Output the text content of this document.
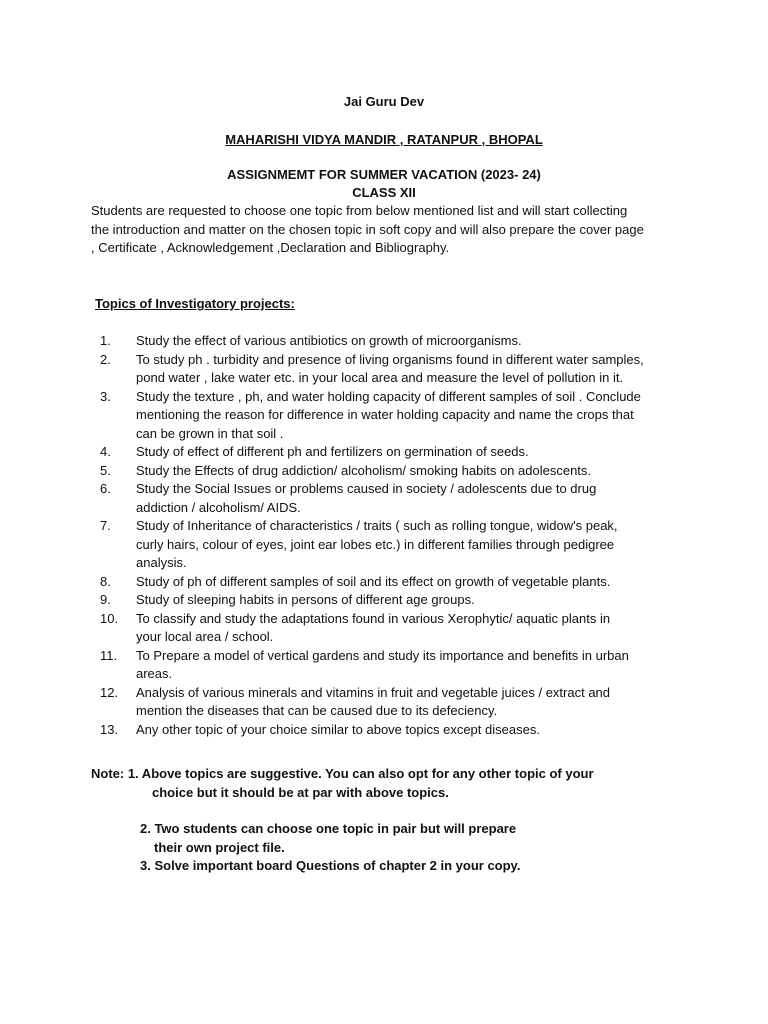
Jai Guru Dev
MAHARISHI VIDYA MANDIR , RATANPUR , BHOPAL
ASSIGNMEMT FOR SUMMER VACATION (2023- 24)
CLASS XII
Students are requested to choose one topic from below mentioned list and will start collecting
the introduction and matter on the chosen topic in soft copy and will also prepare the cover page
, Certificate , Acknowledgement ,Declaration and Bibliography.
Topics of Investigatory projects:
1.	Study the effect of various antibiotics on growth of microorganisms.
2.	To study ph . turbidity and presence of living organisms found in different water samples,
pond water , lake water etc. in your local area and measure the level of pollution in it.
3.	Study the texture , ph, and water holding capacity of different samples of soil . Conclude
mentioning the reason for difference in water holding capacity and name the crops that
can be grown in that soil .
4.	Study of effect of different ph and fertilizers on germination of seeds.
5.	Study the Effects of drug addiction/ alcoholism/ smoking habits on adolescents.
6.	Study the Social Issues or problems caused in society / adolescents due to drug
addiction / alcoholism/ AIDS.
7.	Study of Inheritance of characteristics / traits ( such as rolling tongue, widow's peak,
curly hairs, colour of eyes, joint ear lobes etc.) in different families through pedigree
analysis.
8.	Study of ph of different samples of soil and its effect on growth of vegetable plants.
9.	Study of sleeping habits in persons of different age groups.
10.	To classify and study the adaptations found in various Xerophytic/ aquatic plants in
your local area / school.
11.	To Prepare a model of vertical gardens and study its importance and benefits in urban
areas.
12.	Analysis of various minerals and vitamins in fruit and vegetable juices / extract and
mention the diseases that can be caused due to its defeciency.
13.	Any other topic of your choice similar to above topics except diseases.
Note: 1. Above topics are suggestive. You can also opt for any other topic of your
choice but it should be at par with above topics.
2. Two students can choose one topic in pair but will prepare
their own project file.
3. Solve important board Questions of chapter 2 in your copy.
